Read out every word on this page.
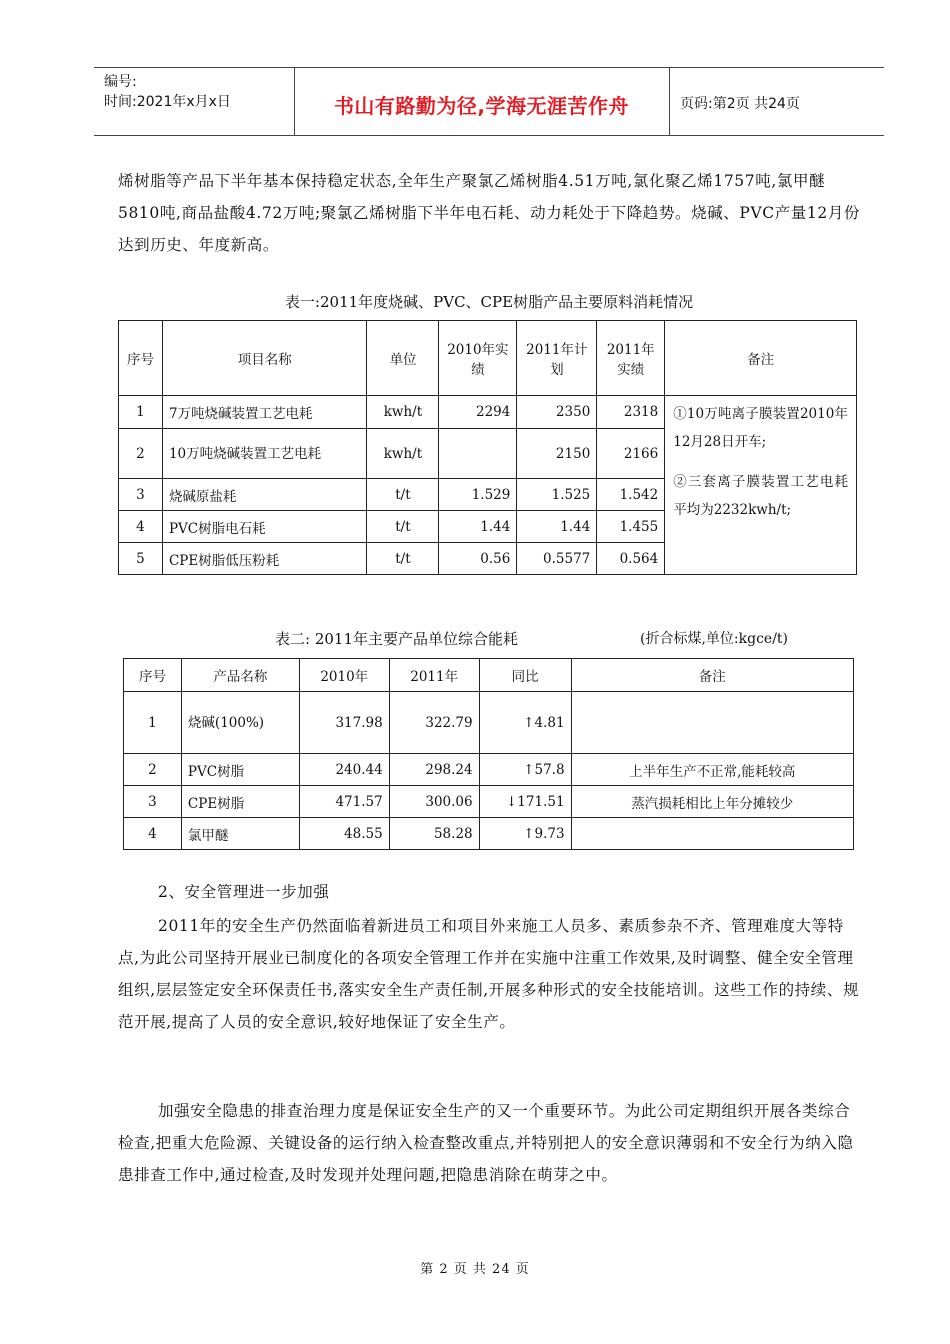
编号:
时间:2021年x月x日	书山有路勤为径,学海无涯苦作舟	页码:第2页 共24页
烯树脂等产品下半年基本保持稳定状态,全年生产聚氯乙烯树脂4.51万吨,氯化聚乙烯1757吨,氯甲醚5810吨,商品盐酸4.72万吨;聚氯乙烯树脂下半年电石耗、动力耗处于下降趋势。烧碱、PVC产量12月份达到历史、年度新高。
表一:2011年度烧碱、PVC、CPE树脂产品主要原料消耗情况
序号	项目名称	单位	2010年实绩	2011年计划	2011年实绩	备注
1	7万吨烧碱装置工艺电耗	kwh/t	2294	2350	2318	①10万吨离子膜装置2010年12月28日开车;
②三套离子膜装置工艺电耗平均为2232kwh/t;

2	10万吨烧碱装置工艺电耗	kwh/t		2150	2166	
3	烧碱原盐耗	t/t	1.529	1.525	1.542	
4	PVC树脂电石耗	t/t	1.44	1.44	1.455	
5	CPE树脂低压粉耗	t/t	0.56	0.5577	0.564	
表二: 2011年主要产品单位综合能耗	(折合标煤,单位:kgce/t)
序号	产品名称	2010年	2011年	同比	备注
1	烧碱(100%)	317.98	322.79	↑4.81	
2	PVC树脂	240.44	298.24	↑57.8	上半年生产不正常,能耗较高
3	CPE树脂	471.57	300.06	↓171.51	蒸汽损耗相比上年分摊较少
4	氯甲醚	48.55	58.28	↑9.73	
2、安全管理进一步加强
2011年的安全生产仍然面临着新进员工和项目外来施工人员多、素质参杂不齐、管理难度大等特点,为此公司坚持开展业已制度化的各项安全管理工作并在实施中注重工作效果,及时调整、健全安全管理组织,层层签定安全环保责任书,落实安全生产责任制,开展多种形式的安全技能培训。这些工作的持续、规范开展,提高了人员的安全意识,较好地保证了安全生产。
加强安全隐患的排查治理力度是保证安全生产的又一个重要环节。为此公司定期组织开展各类综合检查,把重大危险源、关键设备的运行纳入检查整改重点,并特别把人的安全意识薄弱和不安全行为纳入隐患排查工作中,通过检查,及时发现并处理问题,把隐患消除在萌芽之中。
第 2 页 共 24 页
